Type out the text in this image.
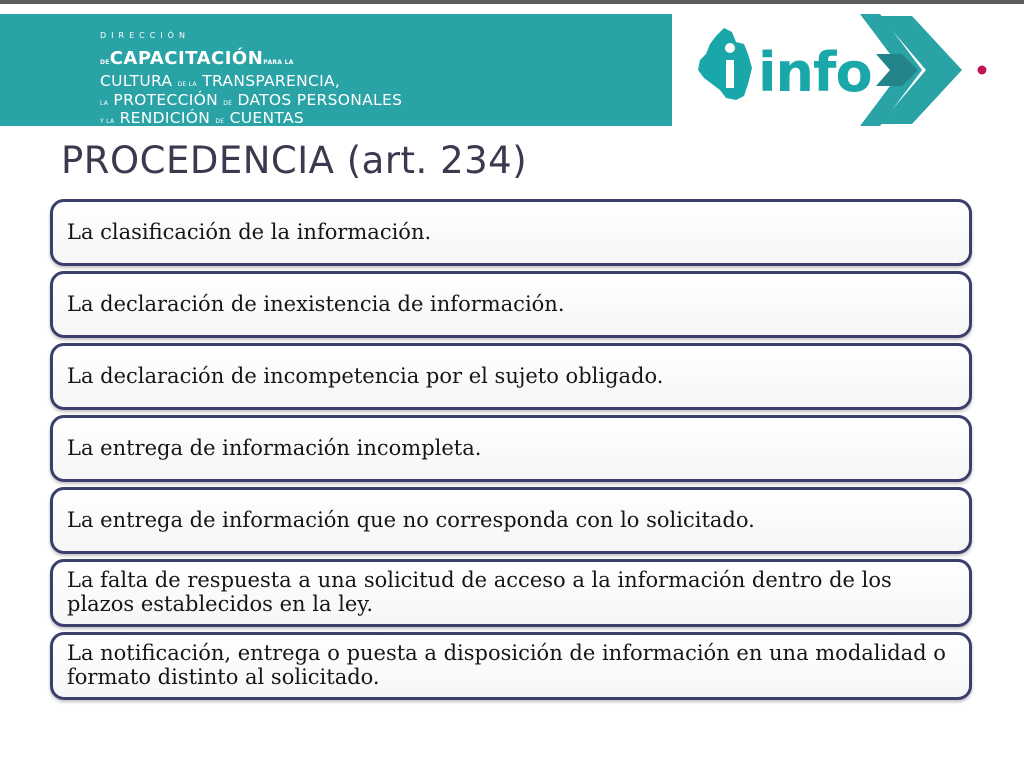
DIRECCIÓN
DECAPACITACIÓNPARA LA
CULTURA DE LA TRANSPARENCIA,
LA PROTECCIÓN DE DATOS PERSONALES
Y LA RENDICIÓN DE CUENTAS
info
PROCEDENCIA (art. 234)
La clasificación de la información.
La declaración de inexistencia de información.
La declaración de incompetencia por el sujeto obligado.
La entrega de información incompleta.
La entrega de información que no corresponda con lo solicitado.
La falta de respuesta a una solicitud de acceso a la información dentro de los plazos establecidos en la ley.
La notificación, entrega o puesta a disposición de información en una modalidad o formato distinto al solicitado.
